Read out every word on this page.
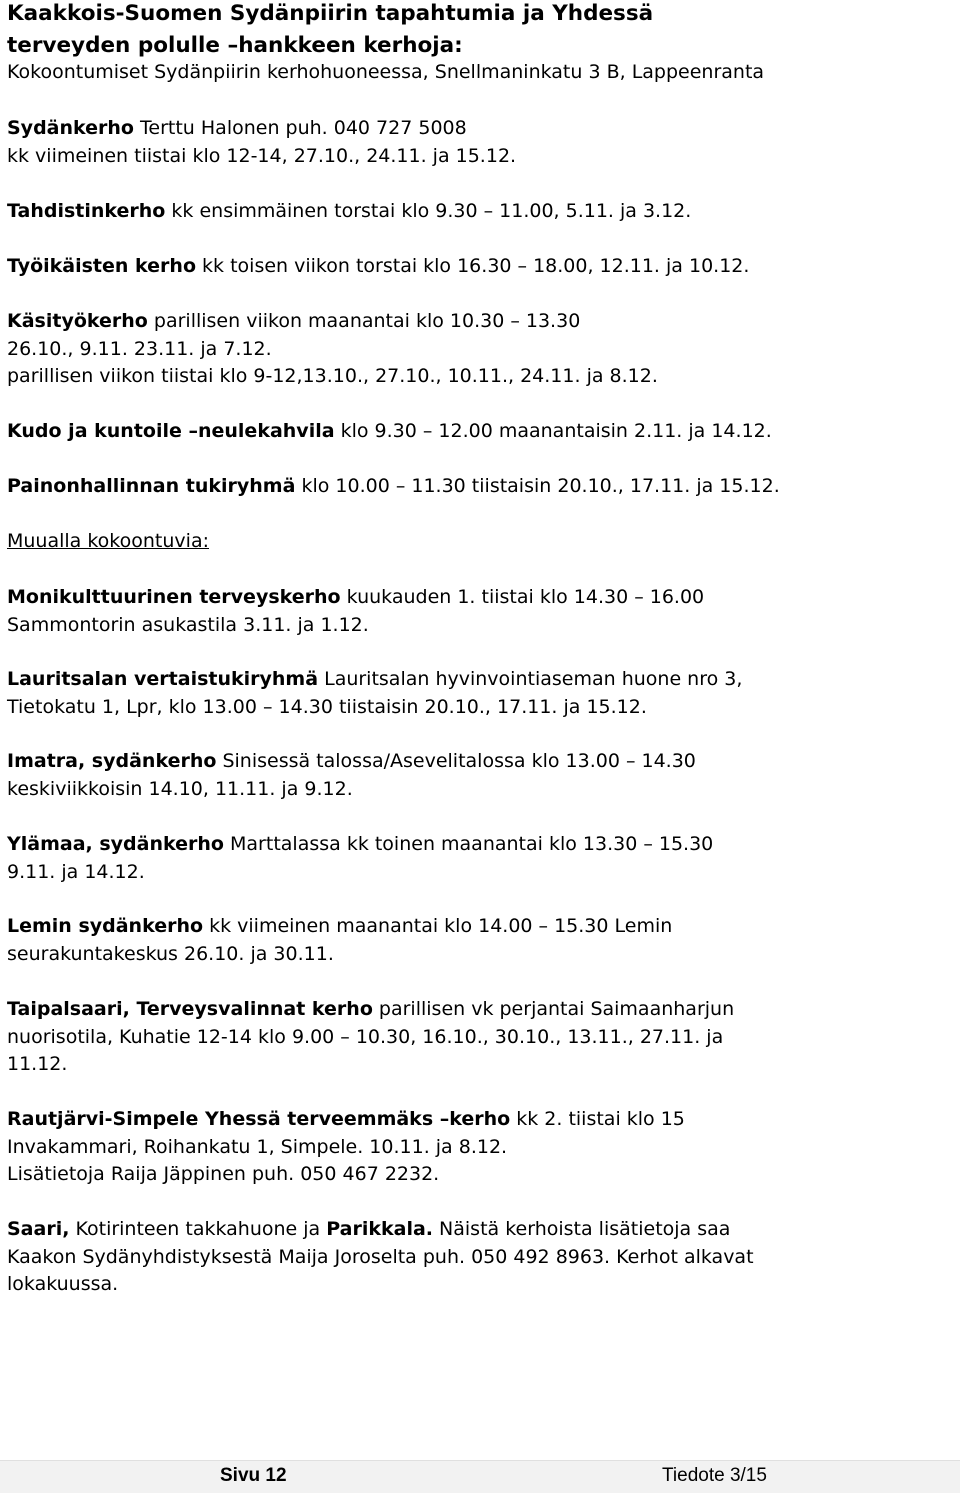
Kaakkois-Suomen Sydänpiirin tapahtumia ja Yhdessä
terveyden polulle –hankkeen kerhoja:
Kokoontumiset Sydänpiirin kerhohuoneessa, Snellmaninkatu 3 B, Lappeenranta
Sydänkerho Terttu Halonen puh. 040 727 5008
kk viimeinen tiistai klo 12-14, 27.10., 24.11. ja 15.12.
Tahdistinkerho kk ensimmäinen torstai klo 9.30 – 11.00, 5.11. ja 3.12.
Työikäisten kerho kk toisen viikon torstai klo 16.30 – 18.00, 12.11. ja 10.12.
Käsityökerho parillisen viikon maanantai klo 10.30 – 13.30
26.10., 9.11. 23.11. ja 7.12.
parillisen viikon tiistai klo 9-12,13.10., 27.10., 10.11., 24.11. ja 8.12.
Kudo ja kuntoile –neulekahvila klo 9.30 – 12.00 maanantaisin 2.11. ja 14.12.
Painonhallinnan tukiryhmä klo 10.00 – 11.30 tiistaisin 20.10., 17.11. ja 15.12.
Muualla kokoontuvia:
Monikulttuurinen terveyskerho kuukauden 1. tiistai klo 14.30 – 16.00
Sammontorin asukastila 3.11. ja 1.12.
Lauritsalan vertaistukiryhmä Lauritsalan hyvinvointiaseman huone nro 3,
Tietokatu 1, Lpr, klo 13.00 – 14.30 tiistaisin 20.10., 17.11. ja 15.12.
Imatra, sydänkerho Sinisessä talossa/Asevelitalossa klo 13.00 – 14.30
keskiviikkoisin 14.10, 11.11. ja 9.12.
Ylämaa, sydänkerho Marttalassa kk toinen maanantai klo 13.30 – 15.30
9.11. ja 14.12.
Lemin sydänkerho kk viimeinen maanantai klo 14.00 – 15.30 Lemin
seurakuntakeskus 26.10. ja 30.11.
Taipalsaari, Terveysvalinnat kerho parillisen vk perjantai Saimaanharjun
nuorisotila, Kuhatie 12-14 klo 9.00 – 10.30, 16.10., 30.10., 13.11., 27.11. ja
11.12.
Rautjärvi-Simpele Yhessä terveemmäks –kerho kk 2. tiistai klo 15
Invakammari, Roihankatu 1, Simpele. 10.11. ja 8.12.
Lisätietoja Raija Jäppinen puh. 050 467 2232.
Saari, Kotirinteen takkahuone ja Parikkala. Näistä kerhoista lisätietoja saa
Kaakon Sydänyhdistyksestä Maija Joroselta puh. 050 492 8963. Kerhot alkavat
lokakuussa.
Sivu 12	Tiedote 3/15
